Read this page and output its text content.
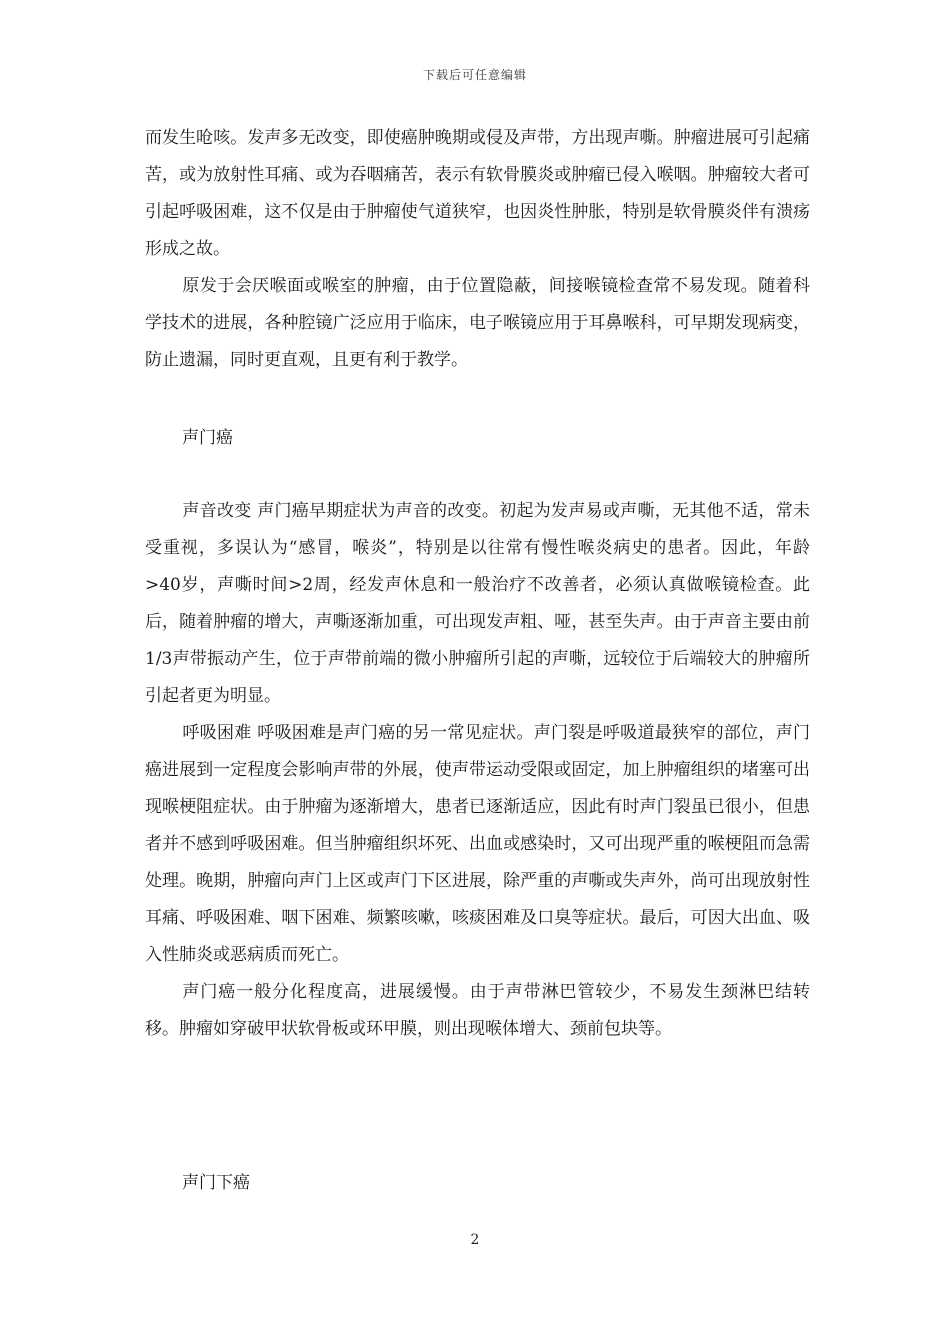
下载后可任意编辑

而发生呛咳。发声多无改变，即使癌肿晚期或侵及声带，方出现声嘶。肿瘤进展可引起痛苦，或为放射性耳痛、或为吞咽痛苦，表示有软骨膜炎或肿瘤已侵入喉咽。肿瘤较大者可引起呼吸困难，这不仅是由于肿瘤使气道狭窄，也因炎性肿胀，特别是软骨膜炎伴有溃疡形成之故。

原发于会厌喉面或喉室的肿瘤，由于位置隐蔽，间接喉镜检查常不易发现。随着科学技术的进展，各种腔镜广泛应用于临床，电子喉镜应用于耳鼻喉科，可早期发现病变，防止遗漏，同时更直观，且更有利于教学。

声门癌

声音改变 声门癌早期症状为声音的改变。初起为发声易或声嘶，无其他不适，常未受重视，多误认为“感冒，喉炎”，特别是以往常有慢性喉炎病史的患者。因此，年龄>40岁，声嘶时间>2周，经发声休息和一般治疗不改善者，必须认真做喉镜检查。此后，随着肿瘤的增大，声嘶逐渐加重，可出现发声粗、哑，甚至失声。由于声音主要由前1/3声带振动产生，位于声带前端的微小肿瘤所引起的声嘶，远较位于后端较大的肿瘤所引起者更为明显。

呼吸困难 呼吸困难是声门癌的另一常见症状。声门裂是呼吸道最狭窄的部位，声门癌进展到一定程度会影响声带的外展，使声带运动受限或固定，加上肿瘤组织的堵塞可出现喉梗阻症状。由于肿瘤为逐渐增大，患者已逐渐适应，因此有时声门裂虽已很小，但患者并不感到呼吸困难。但当肿瘤组织坏死、出血或感染时，又可出现严重的喉梗阻而急需处理。晚期，肿瘤向声门上区或声门下区进展，除严重的声嘶或失声外，尚可出现放射性耳痛、呼吸困难、咽下困难、频繁咳嗽，咳痰困难及口臭等症状。最后，可因大出血、吸入性肺炎或恶病质而死亡。

声门癌一般分化程度高，进展缓慢。由于声带淋巴管较少，不易发生颈淋巴结转移。肿瘤如穿破甲状软骨板或环甲膜，则出现喉体增大、颈前包块等。

声门下癌
2
